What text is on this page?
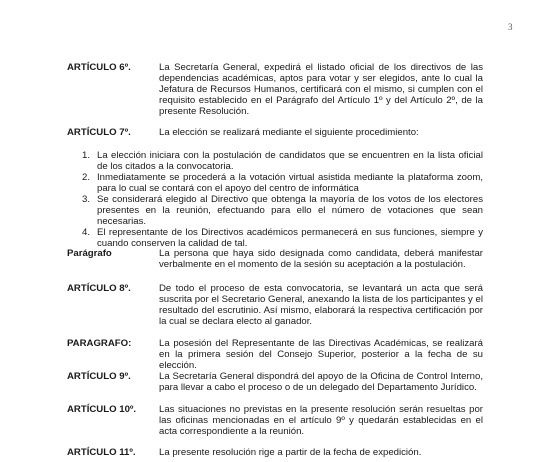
3
ARTÍCULO 6º.	La Secretaría General, expedirá el listado oficial de los directivos de las dependencias académicas, aptos para votar y ser elegidos, ante lo cual la Jefatura de Recursos Humanos, certificará con el mismo, si cumplen con el requisito establecido en el Parágrafo del Artículo 1º y del Artículo 2º, de la presente Resolución.
ARTÍCULO 7º.	La elección se realizará mediante el siguiente procedimiento:
1. La elección iniciara con la postulación de candidatos que se encuentren en la lista oficial de los citados a la convocatoria.
2. Inmediatamente se procederá a la votación virtual asistida mediante la plataforma zoom, para lo cual se contará con el apoyo del centro de informática
3. Se considerará elegido al Directivo que obtenga la mayoría de los votos de los electores presentes en la reunión, efectuando para ello el número de votaciones que sean necesarias.
4. El representante de los Directivos académicos permanecerá en sus funciones, siempre y cuando conserven la calidad de tal.
Parágrafo	La persona que haya sido designada como candidata, deberá manifestar verbalmente en el momento de la sesión su aceptación a la postulación.
ARTÍCULO 8º.	De todo el proceso de esta convocatoria, se levantará un acta que será suscrita por el Secretario General, anexando la lista de los participantes y el resultado del escrutinio. Así mismo, elaborará la respectiva certificación por la cual se declara electo al ganador.
PARAGRAFO:	La posesión del Representante de las Directivas Académicas, se realizará en la primera sesión del Consejo Superior, posterior a la fecha de su elección.
ARTÍCULO 9º.	La Secretaría General dispondrá del apoyo de la Oficina de Control Interno, para llevar a cabo el proceso o de un delegado del Departamento Jurídico.
ARTÍCULO 10º.	Las situaciones no previstas en la presente resolución serán resueltas por las oficinas mencionadas en el artículo 9º y quedarán establecidas en el acta correspondiente a la reunión.
ARTÍCULO 11º.	La presente resolución rige a partir de la fecha de expedición.
